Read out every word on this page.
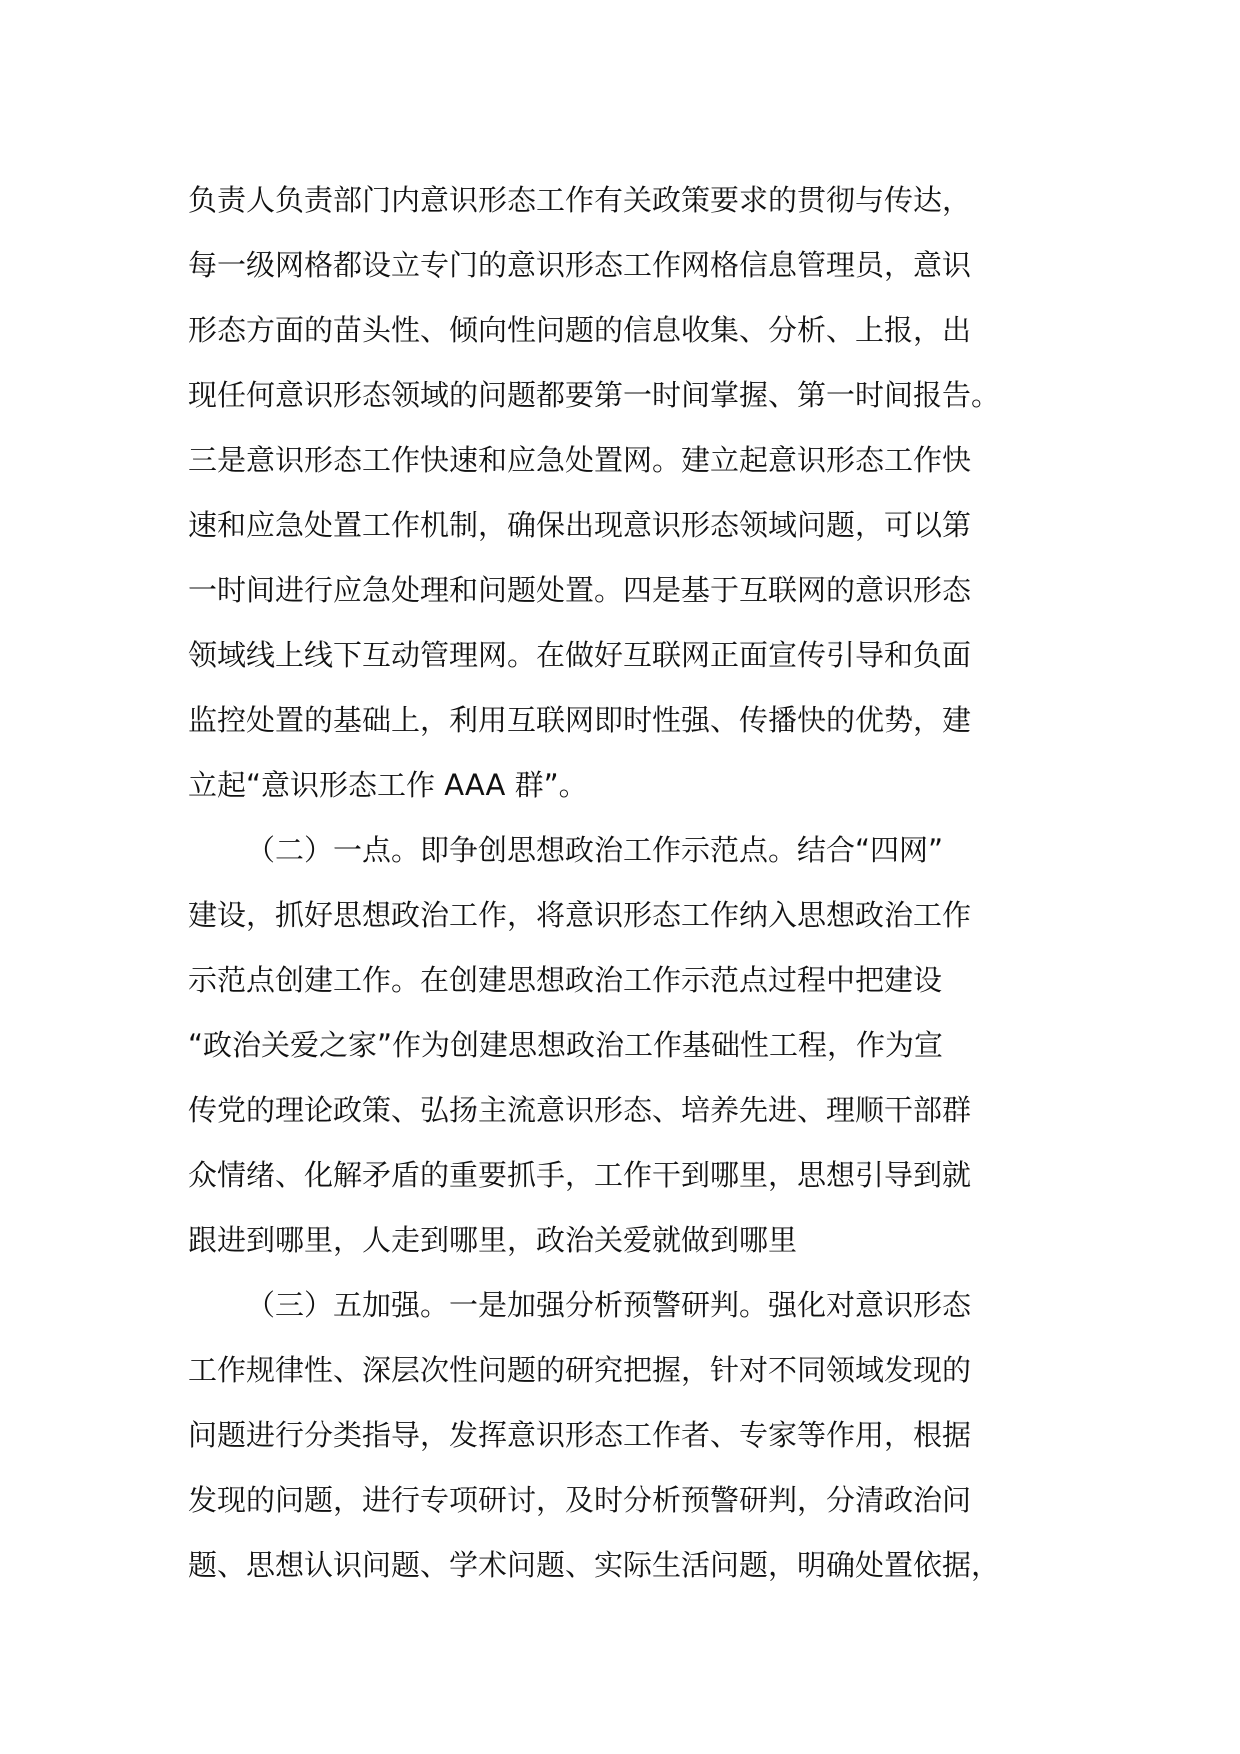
负责人负责部门内意识形态工作有关政策要求的贯彻与传达，
每一级网格都设立专门的意识形态工作网格信息管理员，意识
形态方面的苗头性、倾向性问题的信息收集、分析、上报，出
现任何意识形态领域的问题都要第一时间掌握、第一时间报告。
三是意识形态工作快速和应急处置网。建立起意识形态工作快
速和应急处置工作机制，确保出现意识形态领域问题，可以第
一时间进行应急处理和问题处置。四是基于互联网的意识形态
领域线上线下互动管理网。在做好互联网正面宣传引导和负面
监控处置的基础上，利用互联网即时性强、传播快的优势，建
立起“意识形态工作 AAA 群”。
（二）一点。即争创思想政治工作示范点。结合“四网”
建设，抓好思想政治工作，将意识形态工作纳入思想政治工作
示范点创建工作。在创建思想政治工作示范点过程中把建设
“政治关爱之家”作为创建思想政治工作基础性工程，作为宣
传党的理论政策、弘扬主流意识形态、培养先进、理顺干部群
众情绪、化解矛盾的重要抓手，工作干到哪里，思想引导到就
跟进到哪里，人走到哪里，政治关爱就做到哪里
（三）五加强。一是加强分析预警研判。强化对意识形态
工作规律性、深层次性问题的研究把握，针对不同领域发现的
问题进行分类指导，发挥意识形态工作者、专家等作用，根据
发现的问题，进行专项研讨，及时分析预警研判，分清政治问
题、思想认识问题、学术问题、实际生活问题，明确处置依据，
